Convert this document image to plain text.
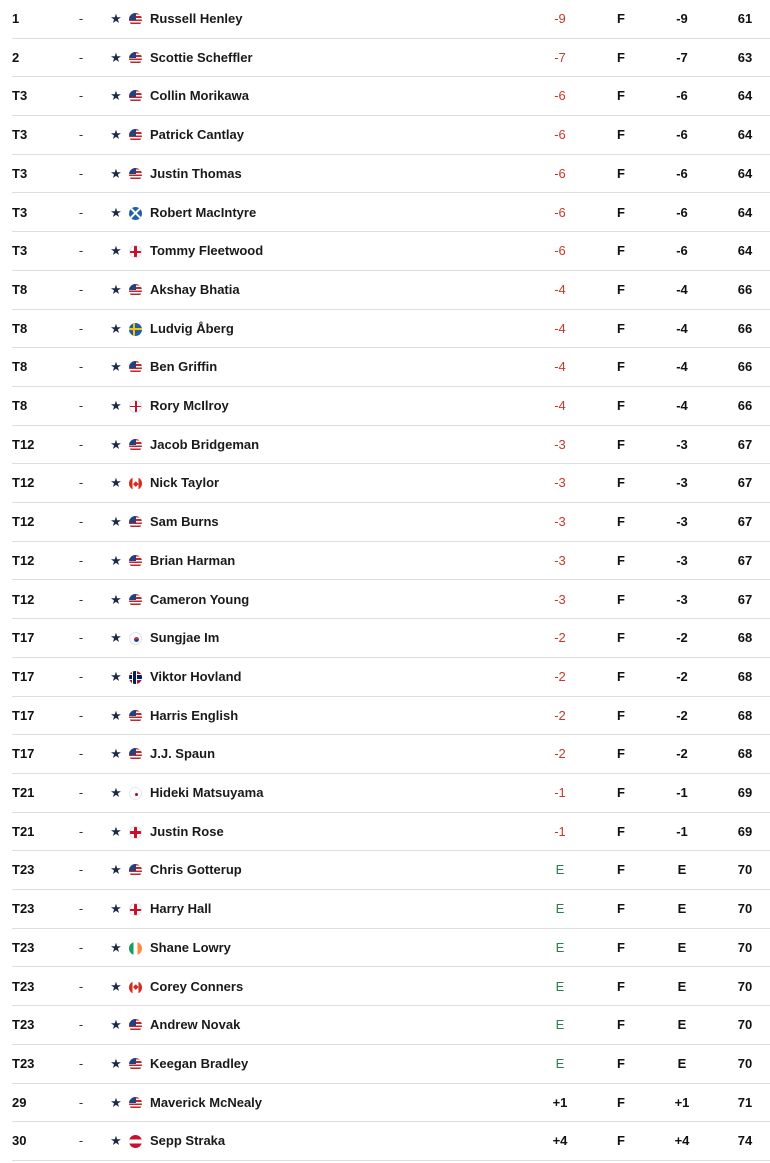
1	- ★ Russell Henley	-9	F	-9	61
2	- ★ Scottie Scheffler	-7	F	-7	63
T3	- ★ Collin Morikawa	-6	F	-6	64
T3	- ★ Patrick Cantlay	-6	F	-6	64
T3	- ★ Justin Thomas	-6	F	-6	64
T3	- ★ Robert MacIntyre	-6	F	-6	64
T3	- ★ Tommy Fleetwood	-6	F	-6	64
T8	- ★ Akshay Bhatia	-4	F	-4	66
T8	- ★ Ludvig Åberg	-4	F	-4	66
T8	- ★ Ben Griffin	-4	F	-4	66
T8	- ★ Rory McIlroy	-4	F	-4	66
T12	- ★ Jacob Bridgeman	-3	F	-3	67
T12	- ★ Nick Taylor	-3	F	-3	67
T12	- ★ Sam Burns	-3	F	-3	67
T12	- ★ Brian Harman	-3	F	-3	67
T12	- ★ Cameron Young	-3	F	-3	67
T17	- ★ Sungjae Im	-2	F	-2	68
T17	- ★ Viktor Hovland	-2	F	-2	68
T17	- ★ Harris English	-2	F	-2	68
T17	- ★ J.J. Spaun	-2	F	-2	68
T21	- ★ Hideki Matsuyama	-1	F	-1	69
T21	- ★ Justin Rose	-1	F	-1	69
T23	- ★ Chris Gotterup	E	F	E	70
T23	- ★ Harry Hall	E	F	E	70
T23	- ★ Shane Lowry	E	F	E	70
T23	- ★ Corey Conners	E	F	E	70
T23	- ★ Andrew Novak	E	F	E	70
T23	- ★ Keegan Bradley	E	F	E	70
29	- ★ Maverick McNealy	+1	F	+1	71
30	- ★ Sepp Straka	+4	F	+4	74
